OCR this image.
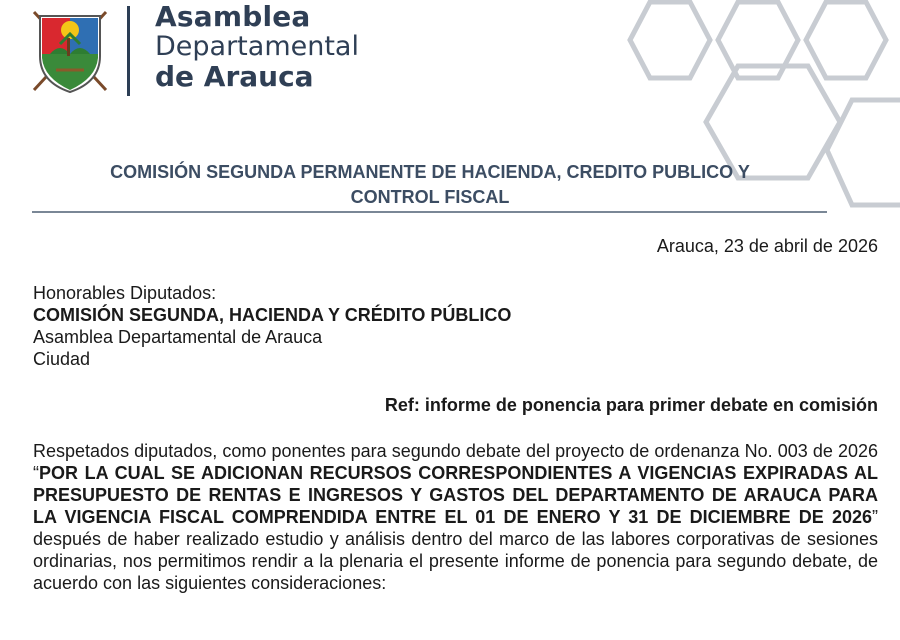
Asamblea
Departamental
de Arauca
COMISIÓN SEGUNDA PERMANENTE DE HACIENDA, CREDITO PUBLICO Y
CONTROL FISCAL
Arauca, 23 de abril de 2026
Honorables Diputados:
COMISIÓN SEGUNDA, HACIENDA Y CRÉDITO PÚBLICO
Asamblea Departamental de Arauca
Ciudad
Ref: informe de ponencia para primer debate en comisión
Respetados diputados, como ponentes para segundo debate del proyecto de ordenanza No. 003 de 2026 “POR LA CUAL SE ADICIONAN RECURSOS CORRESPONDIENTES A VIGENCIAS EXPIRADAS AL PRESUPUESTO DE RENTAS E INGRESOS Y GASTOS DEL DEPARTAMENTO DE ARAUCA PARA LA VIGENCIA FISCAL COMPRENDIDA ENTRE EL 01 DE ENERO Y 31 DE DICIEMBRE DE 2026” después de haber realizado estudio y análisis dentro del marco de las labores corporativas de sesiones ordinarias, nos permitimos rendir a la plenaria el presente informe de ponencia para segundo debate, de acuerdo con las siguientes consideraciones:
